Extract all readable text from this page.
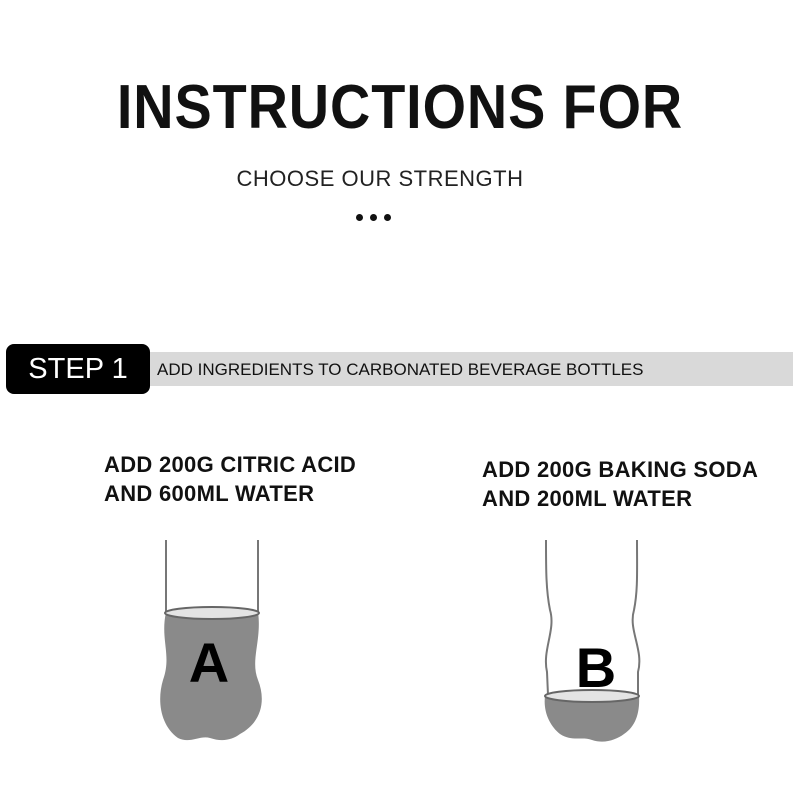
INSTRUCTIONS FOR
CHOOSE OUR STRENGTH
ADD INGREDIENTS TO CARBONATED BEVERAGE BOTTLES
STEP 1
ADD 200G CITRIC ACID
AND 600ML WATER
ADD 200G BAKING SODA
AND 200ML WATER
A	B
